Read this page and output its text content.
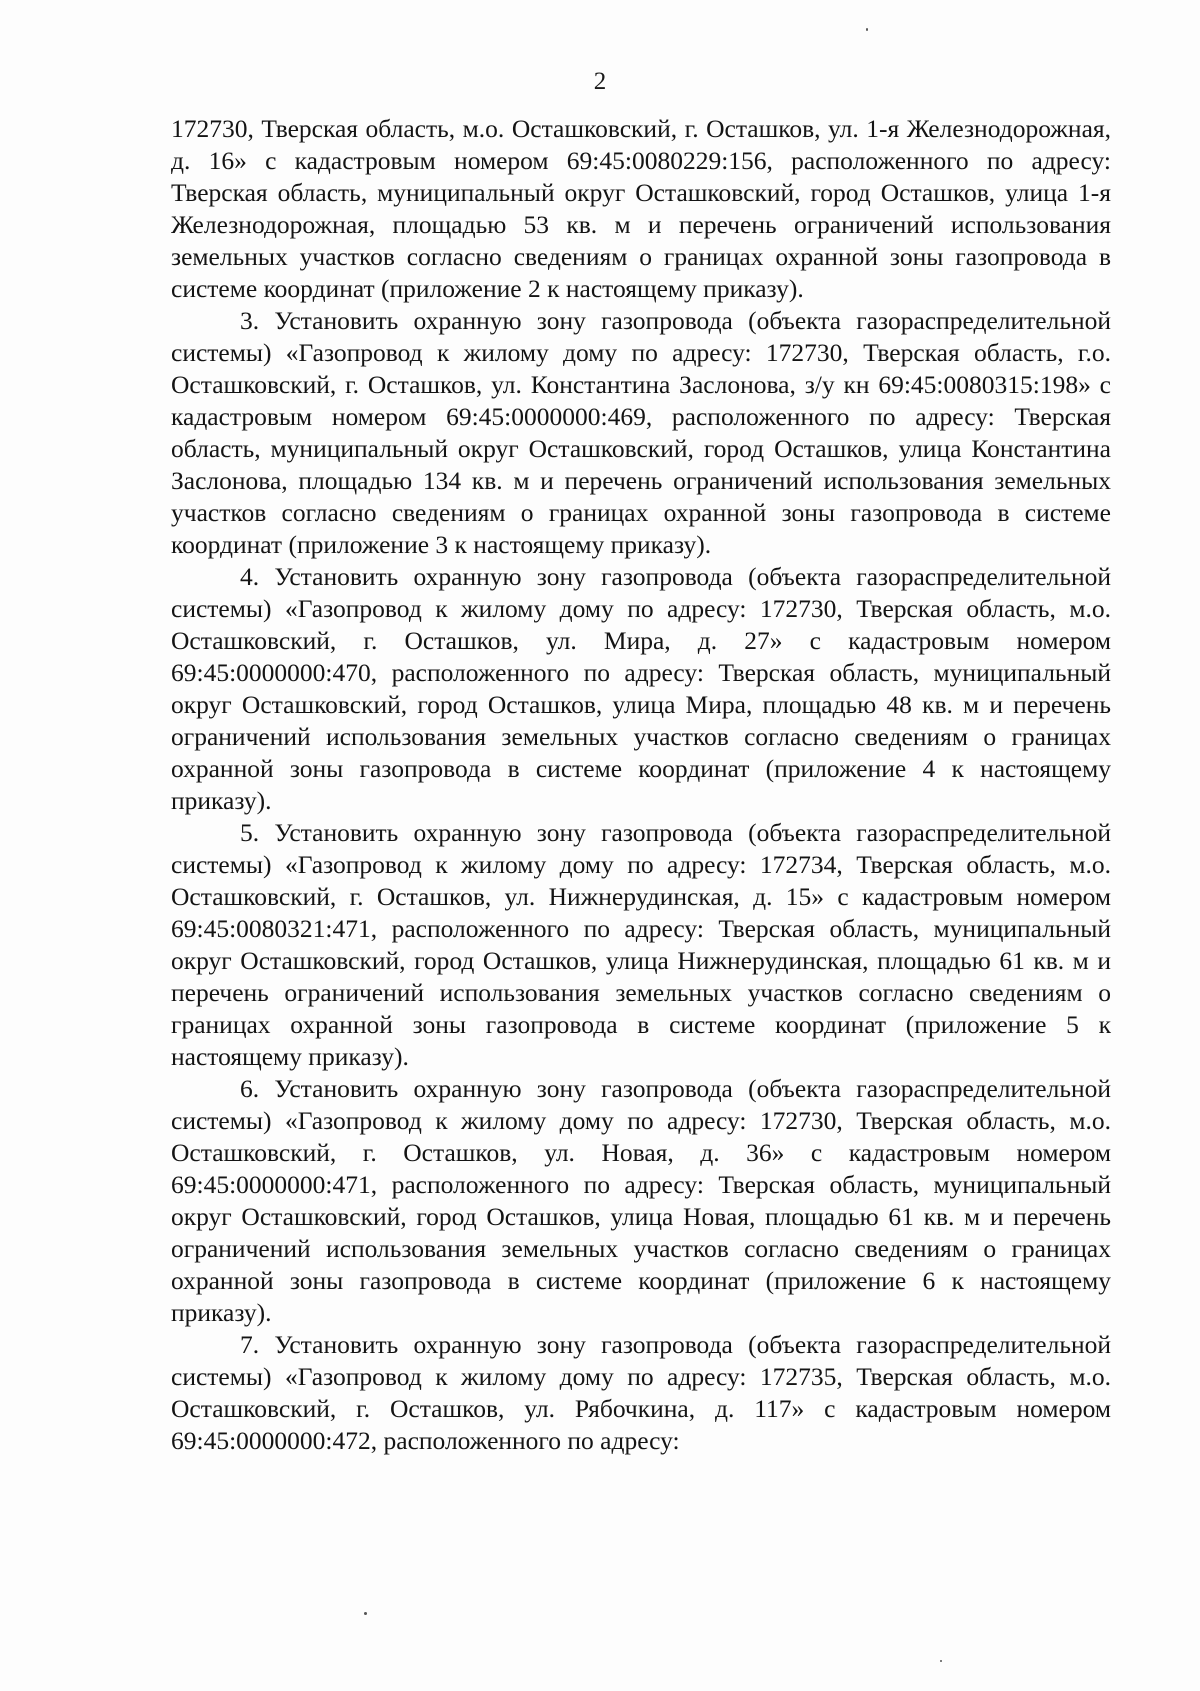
2

172730, Тверская область, м.о. Осташковский, г. Осташков, ул. 1-я Железнодорожная, д. 16» с кадастровым номером 69:45:0080229:156, расположенного по адресу: Тверская область, муниципальный округ Осташковский, город Осташков, улица 1-я Железнодорожная, площадью 53 кв. м и перечень ограничений использования земельных участков согласно сведениям о границах охранной зоны газопровода в системе координат (приложение 2 к настоящему приказу).

3. Установить охранную зону газопровода (объекта газораспределительной системы) «Газопровод к жилому дому по адресу: 172730, Тверская область, г.о. Осташковский, г. Осташков, ул. Константина Заслонова, з/у кн 69:45:0080315:198» с кадастровым номером 69:45:0000000:469, расположенного по адресу: Тверская область, муниципальный округ Осташковский, город Осташков, улица Константина Заслонова, площадью 134 кв. м и перечень ограничений использования земельных участков согласно сведениям о границах охранной зоны газопровода в системе координат (приложение 3 к настоящему приказу).

4. Установить охранную зону газопровода (объекта газораспределительной системы) «Газопровод к жилому дому по адресу: 172730, Тверская область, м.о. Осташковский, г. Осташков, ул. Мира, д. 27» с кадастровым номером 69:45:0000000:470, расположенного по адресу: Тверская область, муниципальный округ Осташковский, город Осташков, улица Мира, площадью 48 кв. м и перечень ограничений использования земельных участков согласно сведениям о границах охранной зоны газопровода в системе координат (приложение 4 к настоящему приказу).

5. Установить охранную зону газопровода (объекта газораспределительной системы) «Газопровод к жилому дому по адресу: 172734, Тверская область, м.о. Осташковский, г. Осташков, ул. Нижнерудинская, д. 15» с кадастровым номером 69:45:0080321:471, расположенного по адресу: Тверская область, муниципальный округ Осташковский, город Осташков, улица Нижнерудинская, площадью 61 кв. м и перечень ограничений использования земельных участков согласно сведениям о границах охранной зоны газопровода в системе координат (приложение 5 к настоящему приказу).

6. Установить охранную зону газопровода (объекта газораспределительной системы) «Газопровод к жилому дому по адресу: 172730, Тверская область, м.о. Осташковский, г. Осташков, ул. Новая, д. 36» с кадастровым номером 69:45:0000000:471, расположенного по адресу: Тверская область, муниципальный округ Осташковский, город Осташков, улица Новая, площадью 61 кв. м и перечень ограничений использования земельных участков согласно сведениям о границах охранной зоны газопровода в системе координат (приложение 6 к настоящему приказу).

7. Установить охранную зону газопровода (объекта газораспределительной системы) «Газопровод к жилому дому по адресу: 172735, Тверская область, м.о. Осташковский, г. Осташков, ул. Рябочкина, д. 117» с кадастровым номером 69:45:0000000:472, расположенного по адресу:
